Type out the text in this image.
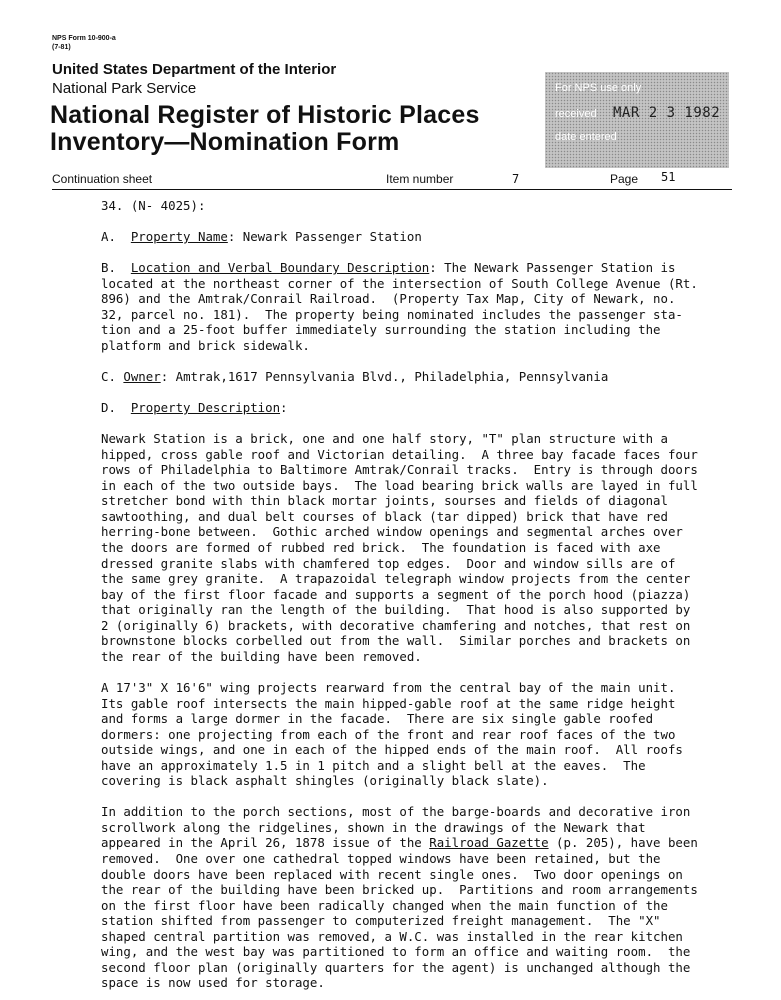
NPS Form 10-900-a
(7-81)
United States Department of the Interior
National Park Service
National Register of Historic Places
Inventory—Nomination Form
For NPS use only
received MAR 2 3 1982
date entered
Continuation sheet	Item number	7	Page 51

34. (N- 4025):

A. Property Name: Newark Passenger Station

B. Location and Verbal Boundary Description: The Newark Passenger Station is

located at the northeast corner of the intersection of South College Avenue (Rt.

896) and the Amtrak/Conrail Railroad.  (Property Tax Map, City of Newark, no.

32, parcel no. 181).  The property being nominated includes the passenger sta-

tion and a 25-foot buffer immediately surrounding the station including the

platform and brick sidewalk.

C. Owner: Amtrak,1617 Pennsylvania Blvd., Philadelphia, Pennsylvania

D. Property Description:

Newark Station is a brick, one and one half story, "T" plan structure with a

hipped, cross gable roof and Victorian detailing.  A three bay facade faces four

rows of Philadelphia to Baltimore Amtrak/Conrail tracks.  Entry is through doors

in each of the two outside bays.  The load bearing brick walls are layed in full

stretcher bond with thin black mortar joints, sourses and fields of diagonal

sawtoothing, and dual belt courses of black (tar dipped) brick that have red

herring-bone between.  Gothic arched window openings and segmental arches over

the doors are formed of rubbed red brick.  The foundation is faced with axe

dressed granite slabs with chamfered top edges.  Door and window sills are of

the same grey granite.  A trapazoidal telegraph window projects from the center

bay of the first floor facade and supports a segment of the porch hood (piazza)

that originally ran the length of the building.  That hood is also supported by

2 (originally 6) brackets, with decorative chamfering and notches, that rest on

brownstone blocks corbelled out from the wall.  Similar porches and brackets on

the rear of the building have been removed.

A 17'3" X 16'6" wing projects rearward from the central bay of the main unit.

Its gable roof intersects the main hipped-gable roof at the same ridge height

and forms a large dormer in the facade.  There are six single gable roofed

dormers: one projecting from each of the front and rear roof faces of the two

outside wings, and one in each of the hipped ends of the main roof.  All roofs

have an approximately 1.5 in 1 pitch and a slight bell at the eaves.  The

covering is black asphalt shingles (originally black slate).

In addition to the porch sections, most of the barge-boards and decorative iron

scrollwork along the ridgelines, shown in the drawings of the Newark that

appeared in the April 26, 1878 issue of the Railroad Gazette (p. 205), have been

removed.  One over one cathedral topped windows have been retained, but the

double doors have been replaced with recent single ones.  Two door openings on

the rear of the building have been bricked up.  Partitions and room arrangements

on the first floor have been radically changed when the main function of the

station shifted from passenger to computerized freight management.  The "X"

shaped central partition was removed, a W.C. was installed in the rear kitchen

wing, and the west bay was partitioned to form an office and waiting room.  the

second floor plan (originally quarters for the agent) is unchanged although the

space is now used for storage.
